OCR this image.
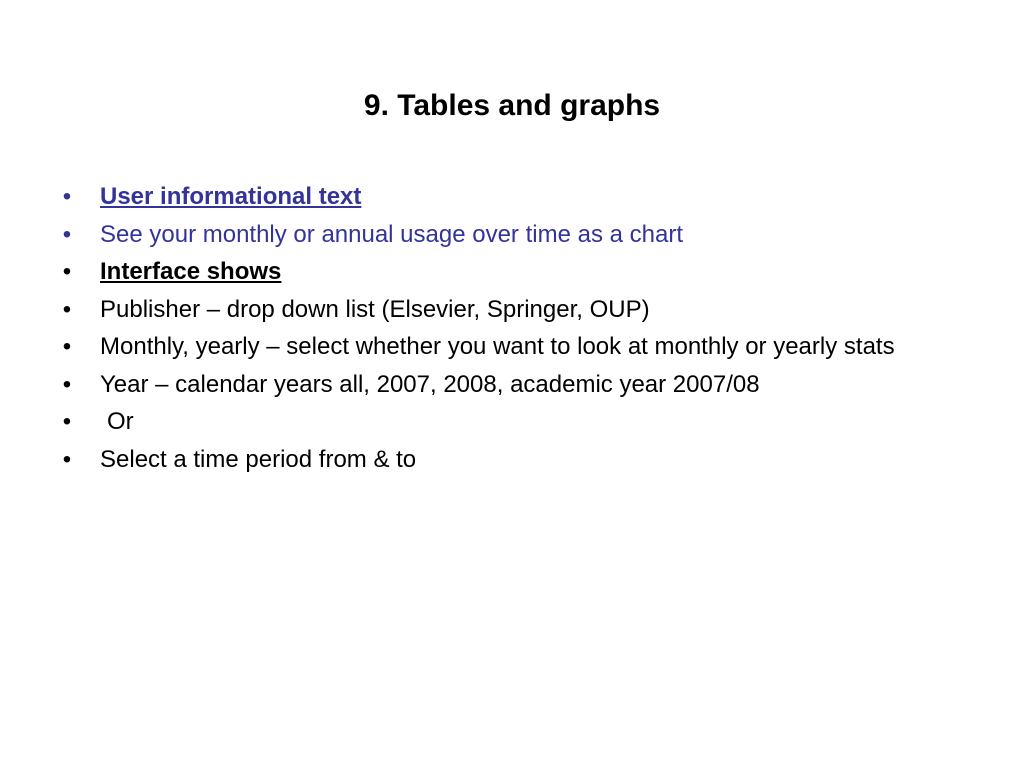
9. Tables and graphs
• User informational text
• See your monthly or annual usage over time as a chart
• Interface shows
• Publisher – drop down list (Elsevier, Springer, OUP)
• Monthly, yearly – select whether you want to look at monthly or yearly stats
• Year – calendar years all, 2007, 2008, academic year 2007/08
• Or
• Select a time period from & to
